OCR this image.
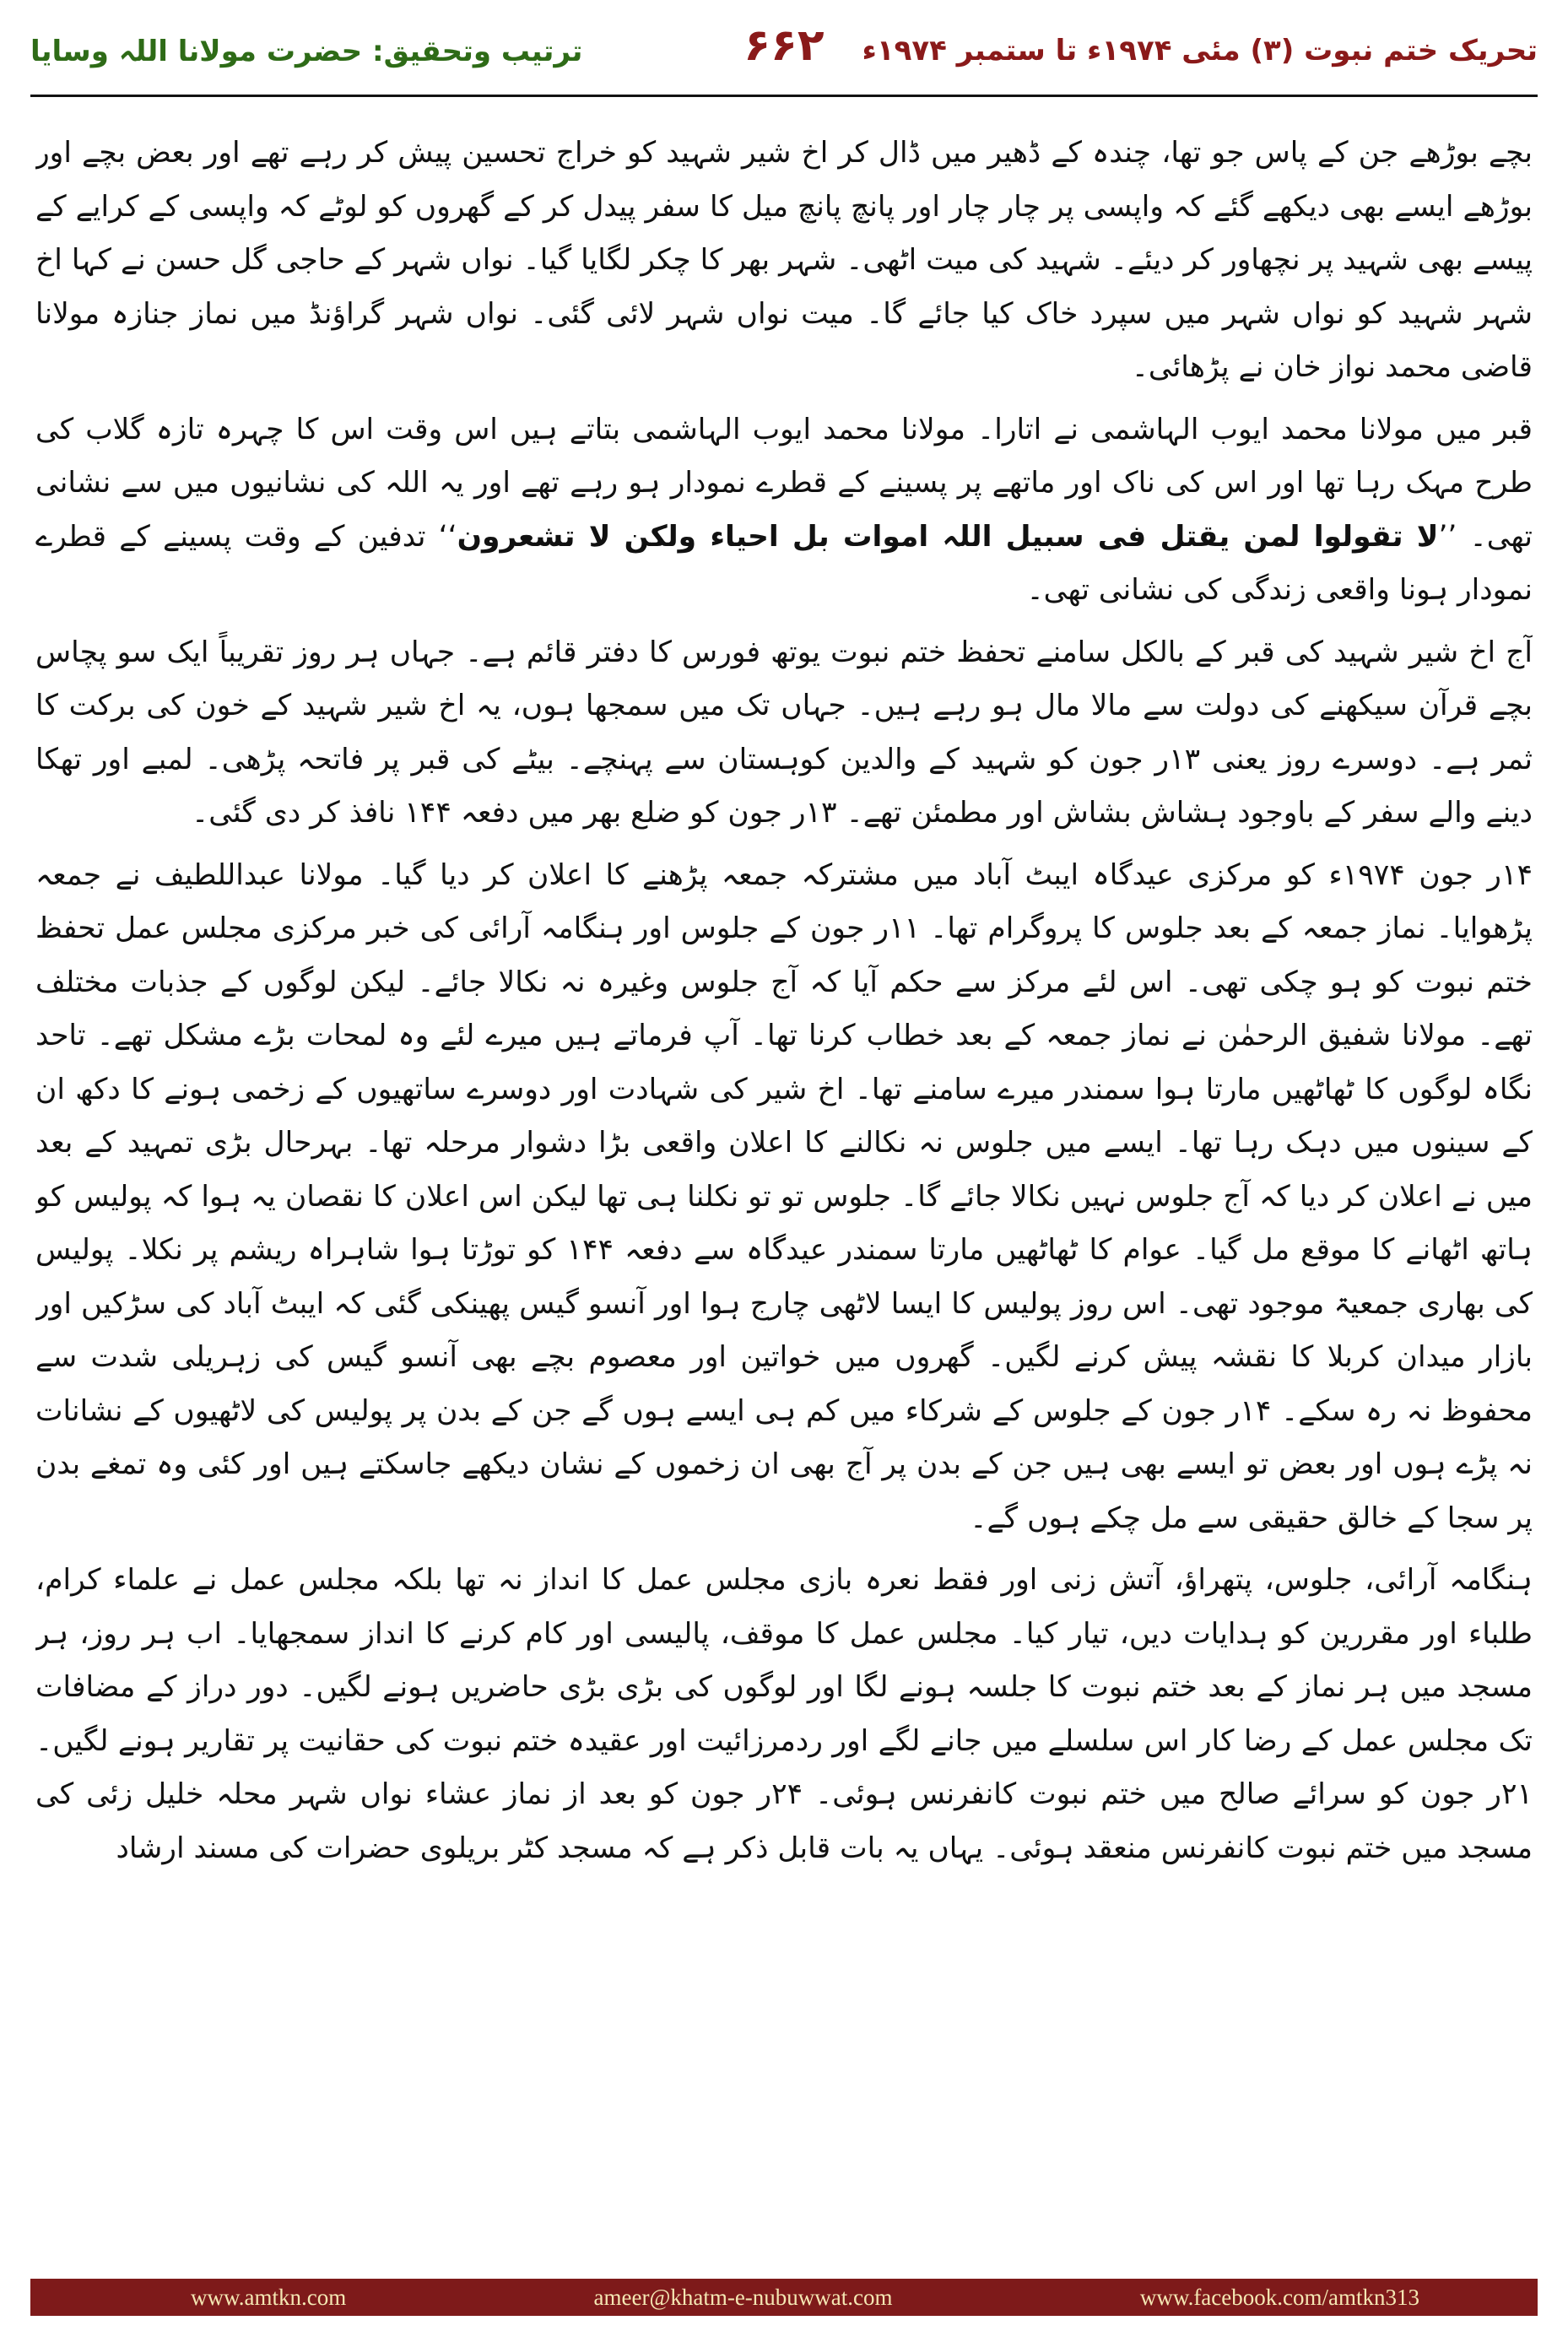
تحریک ختم نبوت (۳) مئی ۱۹۷۴ء تا ستمبر ۱۹۷۴ء
۶۶۲
ترتیب وتحقیق: حضرت مولانا اللہ وسایا

بچے بوڑھے جن کے پاس جو تھا، چندہ کے ڈھیر میں ڈال کر اخ شیر شہید کو خراج تحسین پیش کر رہے تھے اور بعض بچے اور بوڑھے ایسے بھی دیکھے گئے کہ واپسی پر چار چار اور پانچ پانچ میل کا سفر پیدل کر کے گھروں کو لوٹے کہ واپسی کے کرایے کے پیسے بھی شہید پر نچھاور کر دیئے۔ شہید کی میت اٹھی۔ شہر بھر کا چکر لگایا گیا۔ نواں شہر کے حاجی گل حسن نے کہا اخ شہر شہید کو نواں شہر میں سپرد خاک کیا جائے گا۔ میت نواں شہر لائی گئی۔ نواں شہر گراؤنڈ میں نماز جنازہ مولانا قاضی محمد نواز خان نے پڑھائی۔

قبر میں مولانا محمد ایوب الہاشمی نے اتارا۔ مولانا محمد ایوب الہاشمی بتاتے ہیں اس وقت اس کا چہرہ تازہ گلاب کی طرح مہک رہا تھا اور اس کی ناک اور ماتھے پر پسینے کے قطرے نمودار ہو رہے تھے اور یہ اللہ کی نشانیوں میں سے نشانی تھی۔ ’’لا تقولوا لمن یقتل فی سبیل اللہ اموات بل احیاء ولکن لا تشعرون‘‘ تدفین کے وقت پسینے کے قطرے نمودار ہونا واقعی زندگی کی نشانی تھی۔

آج اخ شیر شہید کی قبر کے بالکل سامنے تحفظ ختم نبوت یوتھ فورس کا دفتر قائم ہے۔ جہاں ہر روز تقریباً ایک سو پچاس بچے قرآن سیکھنے کی دولت سے مالا مال ہو رہے ہیں۔ جہاں تک میں سمجھا ہوں، یہ اخ شیر شہید کے خون کی برکت کا ثمر ہے۔ دوسرے روز یعنی ۱۳ر جون کو شہید کے والدین کوہستان سے پہنچے۔ بیٹے کی قبر پر فاتحہ پڑھی۔ لمبے اور تھکا دینے والے سفر کے باوجود ہشاش بشاش اور مطمئن تھے۔ ۱۳ر جون کو ضلع بھر میں دفعہ ۱۴۴ نافذ کر دی گئی۔

۱۴ر جون ۱۹۷۴ء کو مرکزی عیدگاہ ایبٹ آباد میں مشترکہ جمعہ پڑھنے کا اعلان کر دیا گیا۔ مولانا عبداللطیف نے جمعہ پڑھوایا۔ نماز جمعہ کے بعد جلوس کا پروگرام تھا۔ ۱۱ر جون کے جلوس اور ہنگامہ آرائی کی خبر مرکزی مجلس عمل تحفظ ختم نبوت کو ہو چکی تھی۔ اس لئے مرکز سے حکم آیا کہ آج جلوس وغیرہ نہ نکالا جائے۔ لیکن لوگوں کے جذبات مختلف تھے۔ مولانا شفیق الرحمٰن نے نماز جمعہ کے بعد خطاب کرنا تھا۔ آپ فرماتے ہیں میرے لئے وہ لمحات بڑے مشکل تھے۔ تاحد نگاہ لوگوں کا ٹھاٹھیں مارتا ہوا سمندر میرے سامنے تھا۔ اخ شیر کی شہادت اور دوسرے ساتھیوں کے زخمی ہونے کا دکھ ان کے سینوں میں دہک رہا تھا۔ ایسے میں جلوس نہ نکالنے کا اعلان واقعی بڑا دشوار مرحلہ تھا۔ بہرحال بڑی تمہید کے بعد میں نے اعلان کر دیا کہ آج جلوس نہیں نکالا جائے گا۔ جلوس تو تو نکلنا ہی تھا لیکن اس اعلان کا نقصان یہ ہوا کہ پولیس کو ہاتھ اٹھانے کا موقع مل گیا۔ عوام کا ٹھاٹھیں مارتا سمندر عیدگاہ سے دفعہ ۱۴۴ کو توڑتا ہوا شاہراہ ریشم پر نکلا۔ پولیس کی بھاری جمعیۃ موجود تھی۔ اس روز پولیس کا ایسا لاٹھی چارج ہوا اور آنسو گیس پھینکی گئی کہ ایبٹ آباد کی سڑکیں اور بازار میدان کربلا کا نقشہ پیش کرنے لگیں۔ گھروں میں خواتین اور معصوم بچے بھی آنسو گیس کی زہریلی شدت سے محفوظ نہ رہ سکے۔ ۱۴ر جون کے جلوس کے شرکاء میں کم ہی ایسے ہوں گے جن کے بدن پر پولیس کی لاٹھیوں کے نشانات نہ پڑے ہوں اور بعض تو ایسے بھی ہیں جن کے بدن پر آج بھی ان زخموں کے نشان دیکھے جاسکتے ہیں اور کئی وہ تمغے بدن پر سجا کے خالق حقیقی سے مل چکے ہوں گے۔

ہنگامہ آرائی، جلوس، پتھراؤ، آتش زنی اور فقط نعرہ بازی مجلس عمل کا انداز نہ تھا بلکہ مجلس عمل نے علماء کرام، طلباء اور مقررین کو ہدایات دیں، تیار کیا۔ مجلس عمل کا موقف، پالیسی اور کام کرنے کا انداز سمجھایا۔ اب ہر روز، ہر مسجد میں ہر نماز کے بعد ختم نبوت کا جلسہ ہونے لگا اور لوگوں کی بڑی بڑی حاضریں ہونے لگیں۔ دور دراز کے مضافات تک مجلس عمل کے رضا کار اس سلسلے میں جانے لگے اور ردمرزائیت اور عقیدہ ختم نبوت کی حقانیت پر تقاریر ہونے لگیں۔ ۲۱ر جون کو سرائے صالح میں ختم نبوت کانفرنس ہوئی۔ ۲۴ر جون کو بعد از نماز عشاء نواں شہر محلہ خلیل زئی کی مسجد میں ختم نبوت کانفرنس منعقد ہوئی۔ یہاں یہ بات قابل ذکر ہے کہ مسجد کٹر بریلوی حضرات کی مسند ارشاد

www.amtkn.com	ameer@khatm-e-nubuwwat.com	www.facebook.com/amtkn313
